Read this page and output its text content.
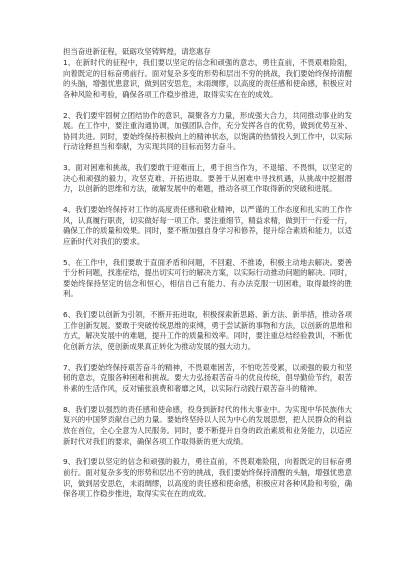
担当奋进新征程，砥砺攻坚铸辉煌，请您惠存

1、在新时代的征程中，我们要以坚定的信念和顽强的意志，勇往直前，不畏艰难险阻，向着既定的目标奋勇前行。面对复杂多变的形势和层出不穷的挑战，我们要始终保持清醒的头脑，增强忧患意识，做到居安思危，未雨绸缪，以高度的责任感和使命感，积极应对各种风险和考验，确保各项工作稳步推进，取得实实在在的成效。

2、我们要牢固树立团结协作的意识，凝聚各方力量，形成强大合力，共同推动事业的发展。在工作中，要注重沟通协调，加强团队合作，充分发挥各自的优势，做到优势互补、协同共进。同时，要始终保持积极向上的精神状态，以饱满的热情投入到工作中，以实际行动诠释担当和奉献，为实现共同的目标而努力奋斗。

3、面对困难和挑战，我们要敢于迎难而上，勇于担当作为，不退缩、不畏惧，以坚定的决心和顽强的毅力，攻坚克难、开拓进取。要善于从困难中寻找机遇，从挑战中挖掘潜力，以创新的思维和方法，破解发展中的难题，推动各项工作取得新的突破和进展。

4、我们要始终保持对工作的高度责任感和敬业精神，以严谨的工作态度和扎实的工作作风，认真履行职责，切实做好每一项工作。要注重细节，精益求精，做到干一行爱一行，确保工作的质量和效果。同时，要不断加强自身学习和修养，提升综合素质和能力，以适应新时代对我们的要求。

5、在工作中，我们要敢于直面矛盾和问题，不回避、不推诿，积极主动地去解决。要善于分析问题，找准症结，提出切实可行的解决方案，以实际行动推动问题的解决。同时，要始终保持坚定的信念和恒心，相信自己有能力、有办法克服一切困难，取得最终的胜利。

6、我们要以创新为引领，不断开拓进取，积极探索新思路、新方法、新举措，推动各项工作创新发展。要敢于突破传统思维的束缚，勇于尝试新的事物和方法，以创新的思维和方式，解决发展中的难题，提升工作的质量和效率。同时，要注重总结经验教训，不断优化创新方法，使创新成果真正转化为推动发展的强大动力。

7、我们要始终保持艰苦奋斗的精神，不畏艰难困苦，不怕吃苦受累，以顽强的毅力和坚韧的意志，克服各种困难和挑战。要大力弘扬艰苦奋斗的优良传统，倡导勤俭节约，艰苦朴素的生活作风，反对铺张浪费和奢靡之风，以实际行动践行艰苦奋斗的精神。

8、我们要以强烈的责任感和使命感，投身到新时代的伟大事业中。为实现中华民族伟大复兴的中国梦贡献自己的力量。要始终坚持以人民为中心的发展思想，把人民群众的利益放在首位，全心全意为人民服务。同时，要不断提升自身的政治素质和业务能力，以适应新时代对我们的要求，确保各项工作取得新的更大成绩。

9、我们要以坚定的信念和顽强的毅力，勇往直前，不畏艰难险阻，向着既定的目标奋勇前行。面对复杂多变的形势和层出不穷的挑战，我们要始终保持清醒的头脑，增强忧患意识，做到居安思危，未雨绸缪，以高度的责任感和使命感，积极应对各种风险和考验，确保各项工作稳步推进，取得实实在在的成效。
